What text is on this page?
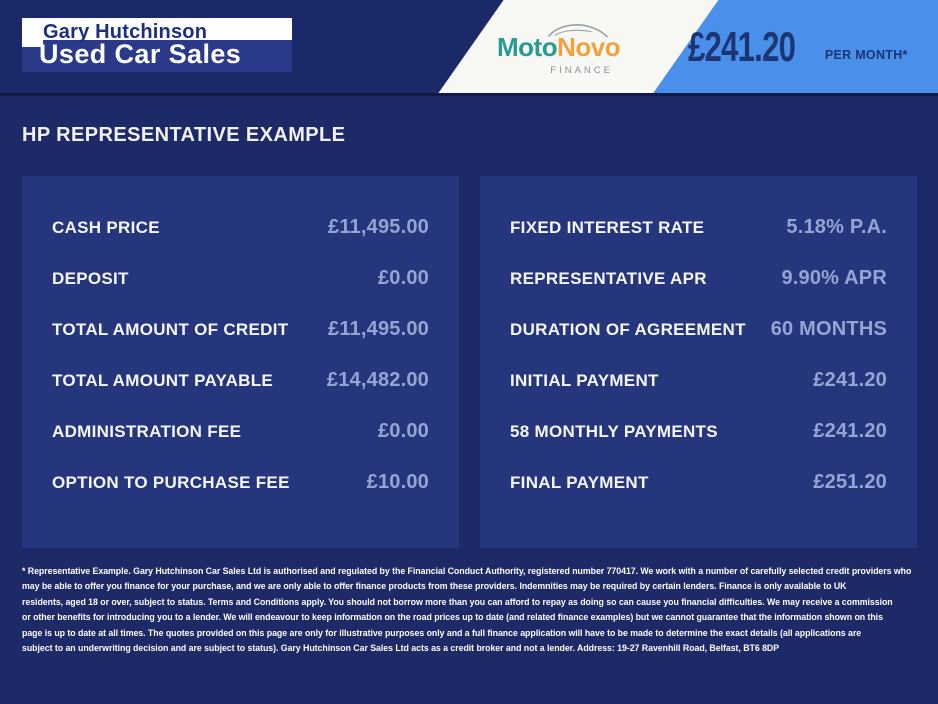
Gary Hutchinson
Used Car Sales	MotoNovo
FINANCE
£241.20 PER MONTH*
HP REPRESENTATIVE EXAMPLE
CASH PRICE	£11,495.00
DEPOSIT	£0.00
TOTAL AMOUNT OF CREDIT £11,495.00
TOTAL AMOUNT PAYABLE	£14,482.00
ADMINISTRATION FEE	£0.00
OPTION TO PURCHASE FEE	£10.00
FIXED INTEREST RATE	5.18% P.A.
REPRESENTATIVE APR	9.90% APR
DURATION OF AGREEMENT 60 MONTHS
INITIAL PAYMENT	£241.20
58 MONTHLY PAYMENTS	£241.20
FINAL PAYMENT	£251.20
* Representative Example. Gary Hutchinson Car Sales Ltd is authorised and regulated by the Financial Conduct Authority, registered number 770417. We work with a number of carefully selected credit providers who
may be able to offer you finance for your purchase, and we are only able to offer finance products from these providers. Indemnities may be required by certain lenders. Finance is only available to UK
residents, aged 18 or over, subject to status. Terms and Conditions apply. You should not borrow more than you can afford to repay as doing so can cause you financial difficulties. We may receive a commission
or other benefits for introducing you to a lender. We will endeavour to keep information on the road prices up to date (and related finance examples) but we cannot guarantee that the information shown on this
page is up to date at all times. The quotes provided on this page are only for illustrative purposes only and a full finance application will have to be made to determine the exact details (all applications are
subject to an underwriting decision and are subject to status). Gary Hutchinson Car Sales Ltd acts as a credit broker and not a lender. Address: 19-27 Ravenhill Road, Belfast, BT6 8DP
